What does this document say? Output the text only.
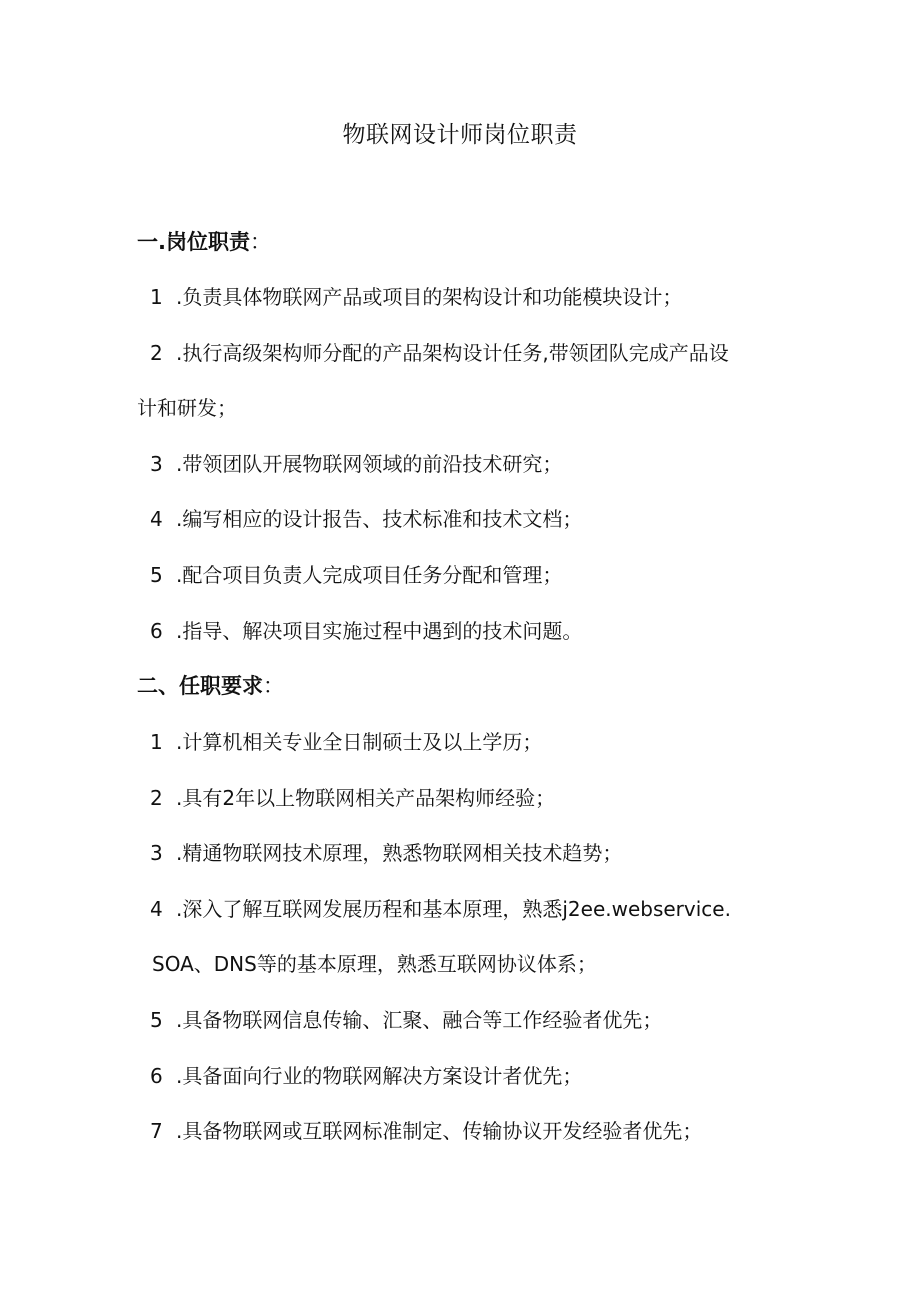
物联网设计师岗位职责
一.岗位职责：
1 .负责具体物联网产品或项目的架构设计和功能模块设计；
2 .执行高级架构师分配的产品架构设计任务,带领团队完成产品设
计和研发；
3 .带领团队开展物联网领域的前沿技术研究；
4 .编写相应的设计报告、技术标准和技术文档；
5 .配合项目负责人完成项目任务分配和管理；
6 .指导、解决项目实施过程中遇到的技术问题。
二、任职要求：
1 .计算机相关专业全日制硕士及以上学历；
2 .具有2年以上物联网相关产品架构师经验；
3 .精通物联网技术原理，熟悉物联网相关技术趋势；
4 .深入了解互联网发展历程和基本原理，熟悉j2ee.webservice.
SOA、DNS等的基本原理，熟悉互联网协议体系；
5 .具备物联网信息传输、汇聚、融合等工作经验者优先；
6 .具备面向行业的物联网解决方案设计者优先；
7 .具备物联网或互联网标准制定、传输协议开发经验者优先；
